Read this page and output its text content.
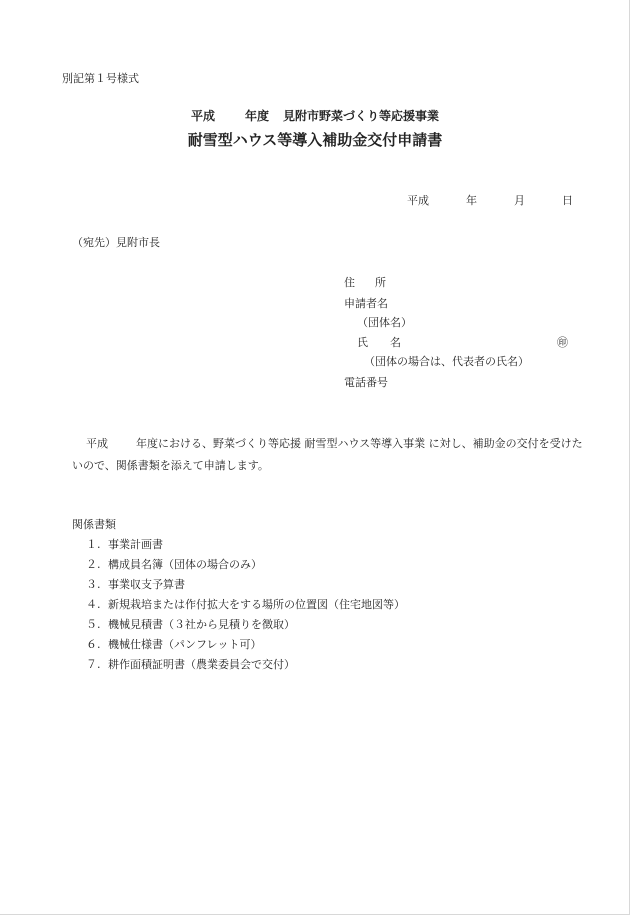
別記第１号様式
平成	年度 見附市野菜づくり等応援事業
耐雪型ハウス等導入補助金交付申請書
平成	年	月	日
（宛先）見附市長
住 所
申請者名
（団体名）
氏 名	㊞
（団体の場合は、代表者の氏名）
電話番号
平成	年度における、野菜づくり等応援 耐雪型ハウス等導入事業 に対し、補助金の交付を受けたいので、関係書類を添えて申請します。
関係書類
１. 事業計画書
２. 構成員名簿（団体の場合のみ）
３. 事業収支予算書
４. 新規栽培または作付拡大をする場所の位置図（住宅地図等）
５. 機械見積書（３社から見積りを徴取）
６. 機械仕様書（パンフレット可）
７. 耕作面積証明書（農業委員会で交付）
